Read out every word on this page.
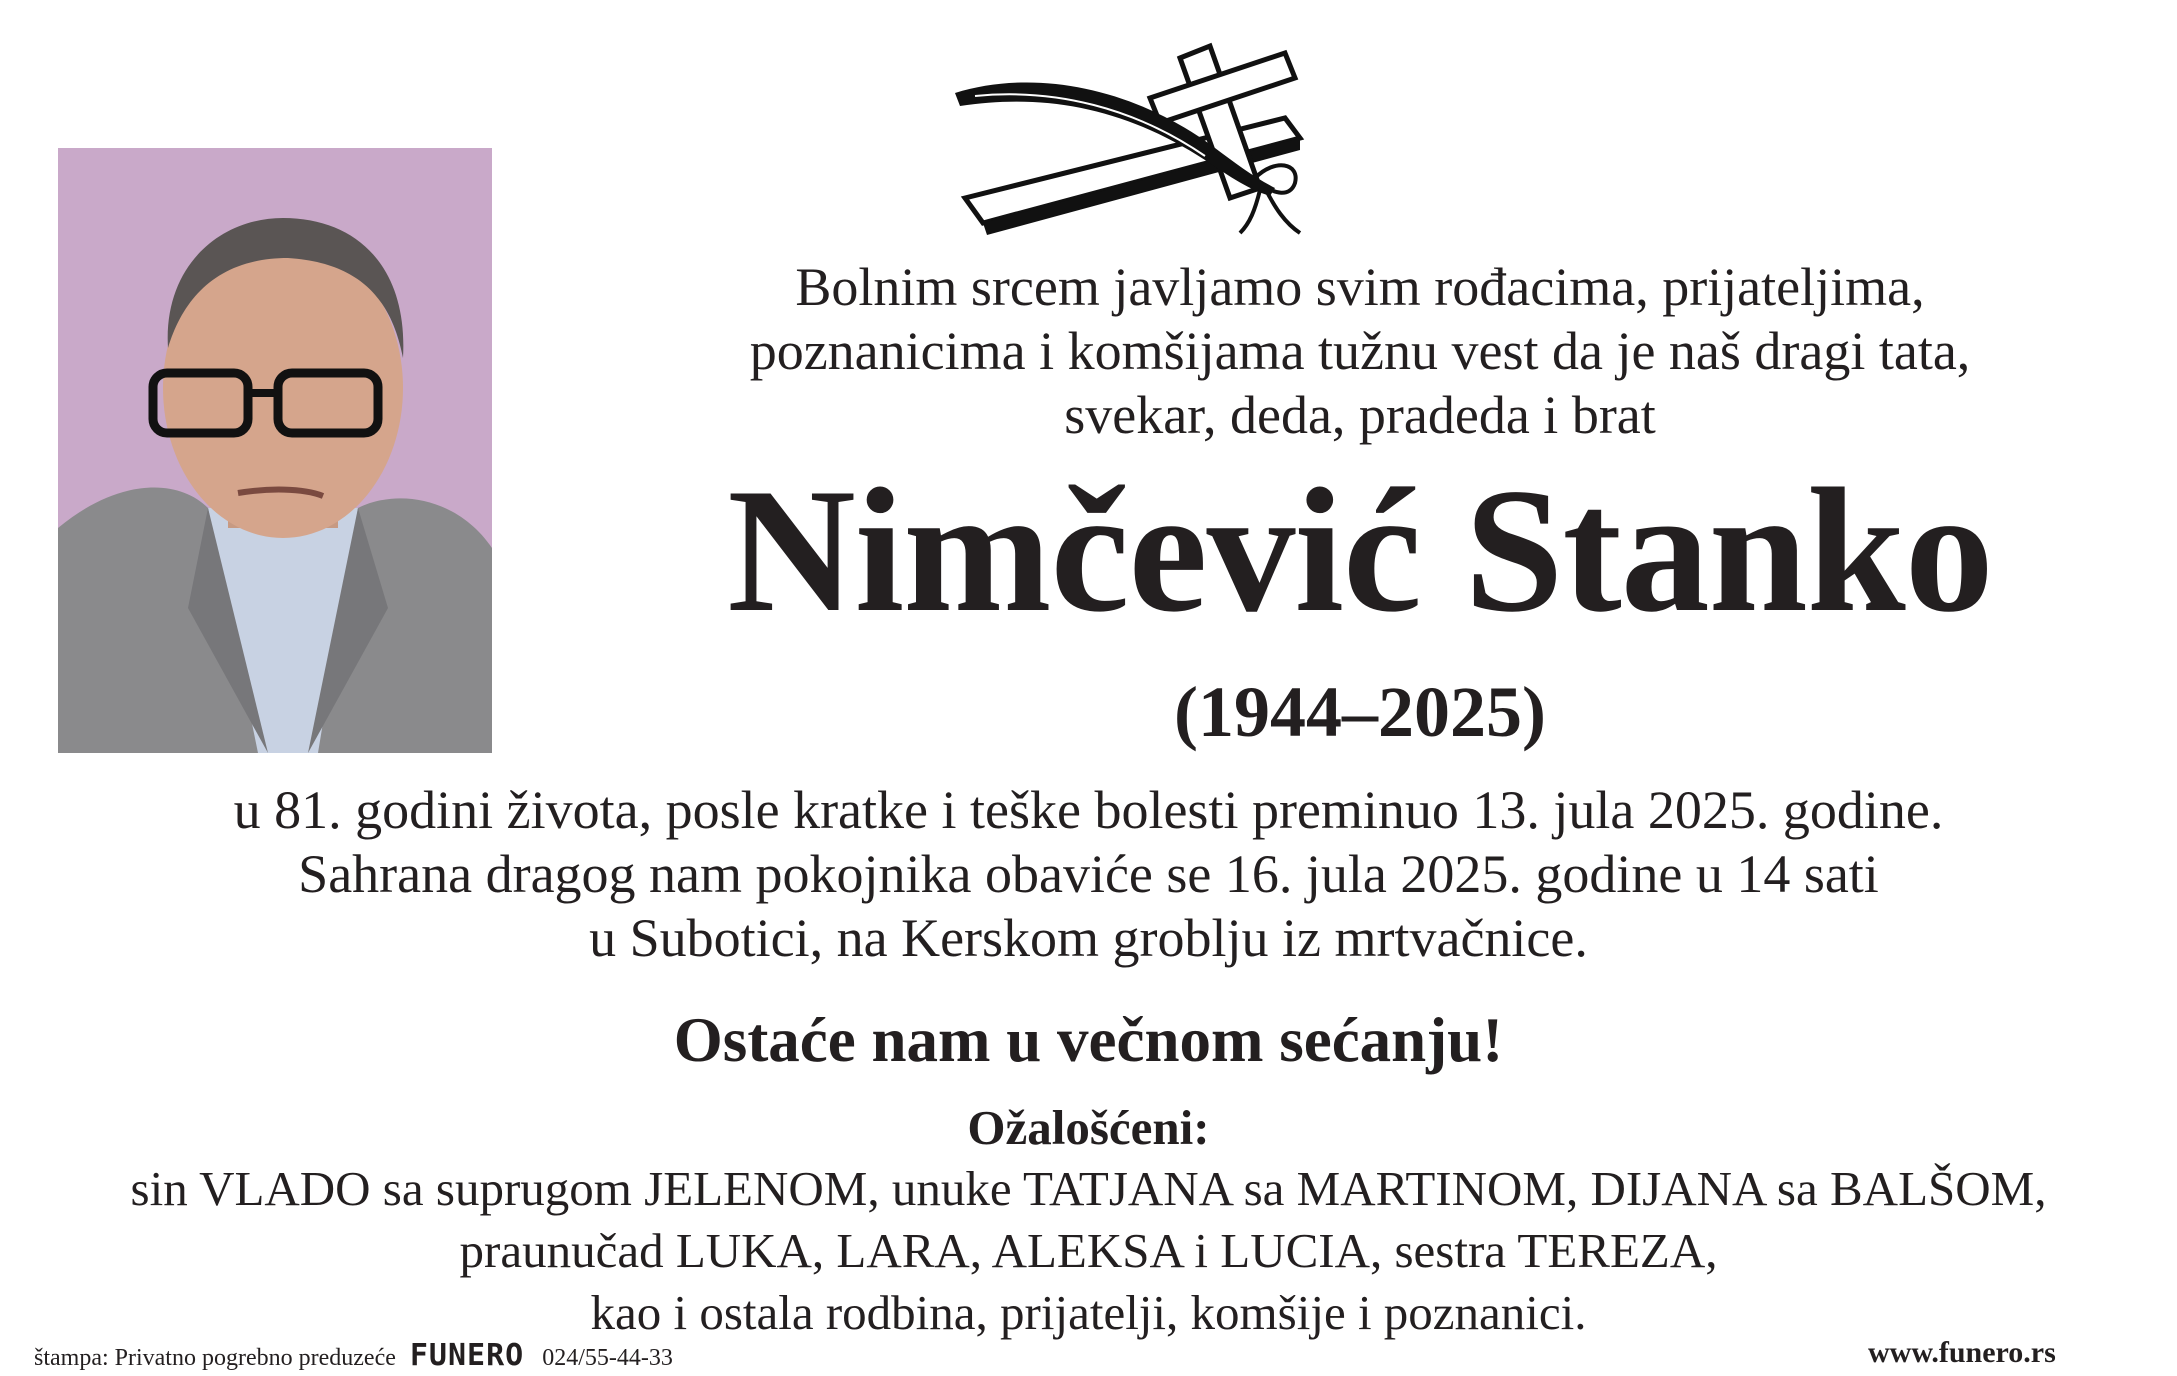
Bolnim srcem javljamo svim rođacima, prijateljima,
poznanicima i komšijama tužnu vest da je naš dragi tata,
svekar, deda, pradeda i brat
Nimčević Stanko
(1944–2025)
u 81. godini života, posle kratke i teške bolesti preminuo 13. jula 2025. godine.
Sahrana dragog nam pokojnika obaviće se 16. jula 2025. godine u 14 sati
u Subotici, na Kerskom groblju iz mrtvačnice.
Ostaće nam u večnom sećanju!
Ožalošćeni:
sin VLADO sa suprugom JELENOM, unuke TATJANA sa MARTINOM, DIJANA sa BALŠOM,
praunučad LUKA, LARA, ALEKSA i LUCIA, sestra TEREZA,
kao i ostala rodbina, prijatelji, komšije i poznanici.
štampa: Privatno pogrebno preduzeće FUNERO 024/55-44-33	www.funero.rs
